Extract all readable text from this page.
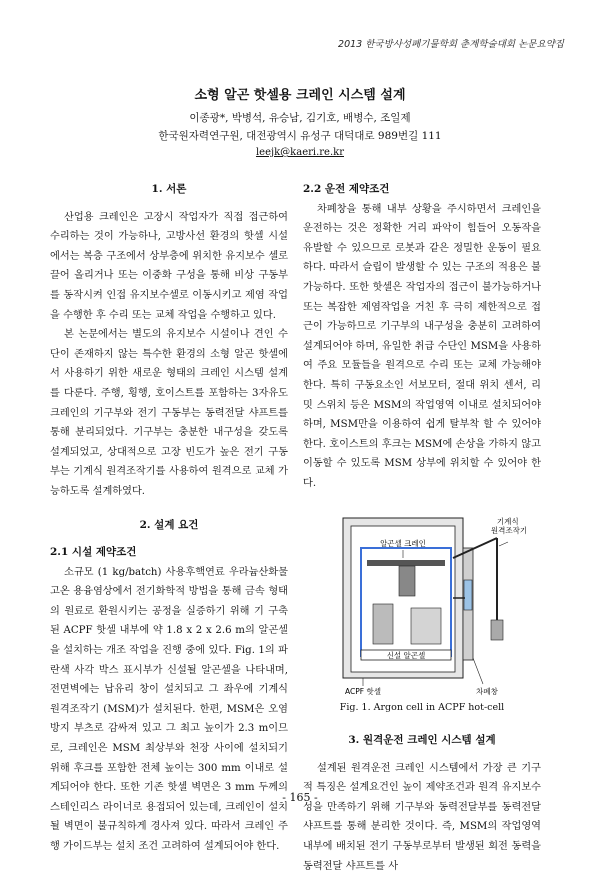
2013 한국방사성폐기물학회 춘계학술대회 논문요약집
소형 알곤 핫셀용 크레인 시스템 설계
이종광*, 박병석, 유승남, 김기호, 배병수, 조일제
한국원자력연구원, 대전광역시 유성구 대덕대로 989번길 111
leejk@kaeri.re.kr
1. 서론

산업용 크레인은 고장시 작업자가 직접 접근하여 수리하는 것이 가능하나, 고방사선 환경의 핫셀 시설에서는 복층 구조에서 상부층에 위치한 유지보수 셀로 끌어 올리거나 또는 이중화 구성을 통해 비상 구동부를 동작시켜 인접 유지보수셀로 이동시키고 제염 작업을 수행한 후 수리 또는 교체 작업을 수행하고 있다.

본 논문에서는 별도의 유지보수 시설이나 견인 수단이 존재하지 않는 특수한 환경의 소형 알곤 핫셀에서 사용하기 위한 새로운 형태의 크레인 시스템 설계를 다룬다. 주행, 횡행, 호이스트를 포함하는 3자유도 크레인의 기구부와 전기 구동부는 동력전달 샤프트를 통해 분리되었다. 기구부는 충분한 내구성을 갖도록 설계되었고, 상대적으로 고장 빈도가 높은 전기 구동부는 기계식 원격조작기를 사용하여 원격으로 교체 가능하도록 설계하였다.

2. 설계 요건
2.1 시설 제약조건

소규모 (1 kg/batch) 사용후핵연료 우라늄산화물 고온 용융염상에서 전기화학적 방법을 통해 금속 형태의 원료로 환원시키는 공정을 실증하기 위해 기 구축된 ACPF 핫셀 내부에 약 1.8 x 2 x 2.6 m의 알곤셀을 설치하는 개조 작업을 진행 중에 있다. Fig. 1의 파란색 사각 박스 표시부가 신설될 알곤셀을 나타내며, 전면벽에는 납유리 창이 설치되고 그 좌우에 기계식 원격조작기 (MSM)가 설치된다. 한편, MSM은 오염방지 부츠로 감싸져 있고 그 최고 높이가 2.3 m이므로, 크레인은 MSM 최상부와 천장 사이에 설치되기 위해 후크를 포함한 전체 높이는 300 mm 이내로 설계되어야 한다. 또한 기존 핫셀 벽면은 3 mm 두께의 스테인리스 라이너로 용접되어 있는데, 크레인이 설치될 벽면이 불규칙하게 경사져 있다. 따라서 크레인 주행 가이드부는 설치 조건 고려하여 설계되어야 한다.

2.2 운전 제약조건

차폐창을 통해 내부 상황을 주시하면서 크레인을 운전하는 것은 정확한 거리 파악이 힘들어 오동작을 유발할 수 있으므로 로봇과 같은 정밀한 운동이 필요하다. 따라서 슬립이 발생할 수 있는 구조의 적용은 불가능하다. 또한 핫셀은 작업자의 접근이 불가능하거나 또는 복잡한 제염작업을 거친 후 극히 제한적으로 접근이 가능하므로 기구부의 내구성을 충분히 고려하여 설계되어야 하며, 유일한 취급 수단인 MSM을 사용하여 주요 모듈들을 원격으로 수리 또는 교체 가능해야 한다. 특히 구동요소인 서보모터, 절대 위치 센서, 리밋 스위치 등은 MSM의 작업영역 이내로 설치되어야 하며, MSM만을 이용하여 쉽게 탈부착 할 수 있어야 한다. 호이스트의 후크는 MSM에 손상을 가하지 않고 이동할 수 있도록 MSM 상부에 위치할 수 있어야 한다.

기계식 원격조작기
알곤셀 크레인
신설 알곤셀
ACPF 핫셀	차폐창
Fig. 1. Argon cell in ACPF hot-cell
3. 원격운전 크레인 시스템 설계

설계된 원격운전 크레인 시스템에서 가장 큰 기구적 특징은 설계요건인 높이 제약조건과 원격 유지보수성을 만족하기 위해 기구부와 동력전달부를 동력전달 샤프트를 통해 분리한 것이다. 즉, MSM의 작업영역 내부에 배치된 전기 구동부로부터 발생된 회전 동력을 동력전달 샤프트를 사

- 165 -
